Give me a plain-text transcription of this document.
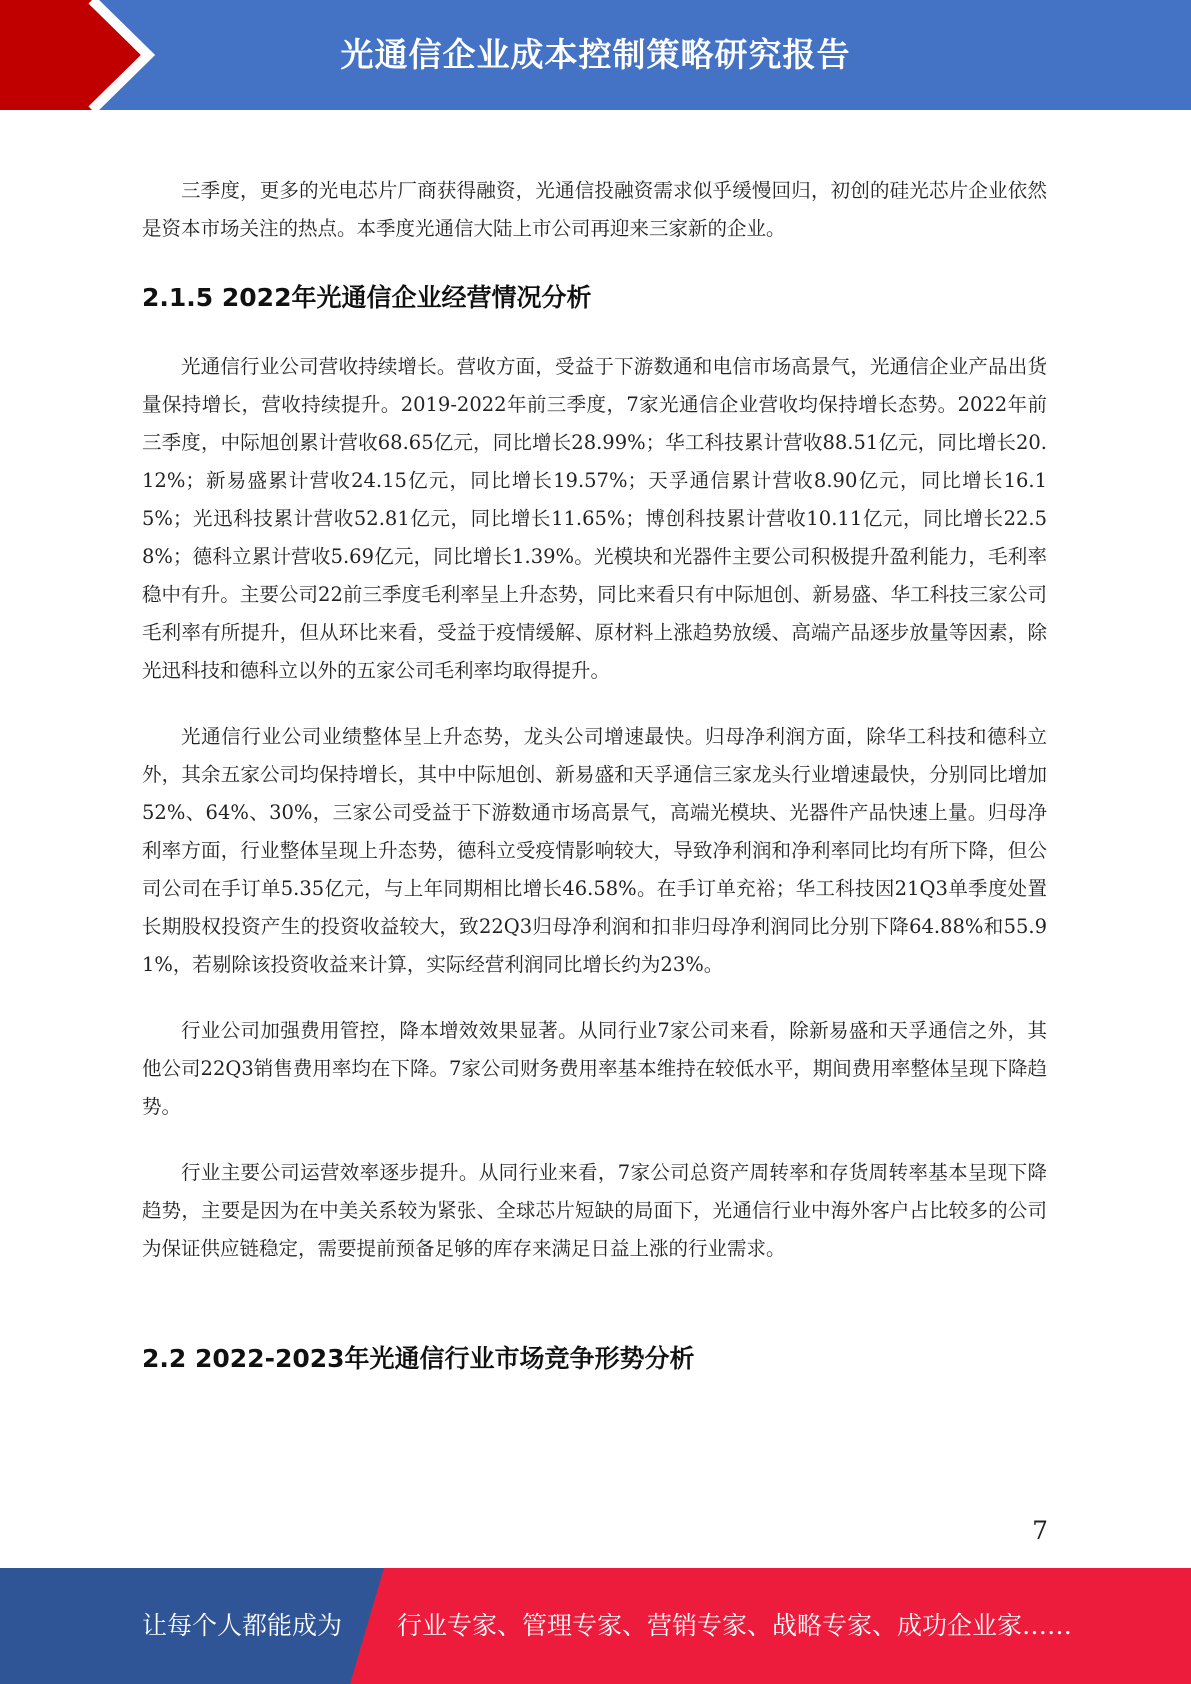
光通信企业成本控制策略研究报告

三季度，更多的光电芯片厂商获得融资，光通信投融资需求似乎缓慢回归，初创的硅光芯片企业依然是资本市场关注的热点。本季度光通信大陆上市公司再迎来三家新的企业。

2.1.5 2022年光通信企业经营情况分析

光通信行业公司营收持续增长。营收方面，受益于下游数通和电信市场高景气，光通信企业产品出货量保持增长，营收持续提升。2019-2022年前三季度，7家光通信企业营收均保持增长态势。2022年前三季度，中际旭创累计营收68.65亿元，同比增长28.99%；华工科技累计营收88.51亿元，同比增长20.12%；新易盛累计营收24.15亿元，同比增长19.57%；天孚通信累计营收8.90亿元，同比增长16.15%；光迅科技累计营收52.81亿元，同比增长11.65%；博创科技累计营收10.11亿元，同比增长22.58%；德科立累计营收5.69亿元，同比增长1.39%。光模块和光器件主要公司积极提升盈利能力，毛利率稳中有升。主要公司22前三季度毛利率呈上升态势，同比来看只有中际旭创、新易盛、华工科技三家公司毛利率有所提升，但从环比来看，受益于疫情缓解、原材料上涨趋势放缓、高端产品逐步放量等因素，除光迅科技和德科立以外的五家公司毛利率均取得提升。

光通信行业公司业绩整体呈上升态势，龙头公司增速最快。归母净利润方面，除华工科技和德科立外，其余五家公司均保持增长，其中中际旭创、新易盛和天孚通信三家龙头行业增速最快，分别同比增加52%、64%、30%，三家公司受益于下游数通市场高景气，高端光模块、光器件产品快速上量。归母净利率方面，行业整体呈现上升态势，德科立受疫情影响较大，导致净利润和净利率同比均有所下降，但公司公司在手订单5.35亿元，与上年同期相比增长46.58%。在手订单充裕；华工科技因21Q3单季度处置长期股权投资产生的投资收益较大，致22Q3归母净利润和扣非归母净利润同比分别下降64.88%和55.91%，若剔除该投资收益来计算，实际经营利润同比增长约为23%。

行业公司加强费用管控，降本增效效果显著。从同行业7家公司来看，除新易盛和天孚通信之外，其他公司22Q3销售费用率均在下降。7家公司财务费用率基本维持在较低水平，期间费用率整体呈现下降趋势。

行业主要公司运营效率逐步提升。从同行业来看，7家公司总资产周转率和存货周转率基本呈现下降趋势，主要是因为在中美关系较为紧张、全球芯片短缺的局面下，光通信行业中海外客户占比较多的公司为保证供应链稳定，需要提前预备足够的库存来满足日益上涨的行业需求。

2.2 2022-2023年光通信行业市场竞争形势分析
7
让每个人都能成为 行业专家、管理专家、营销专家、战略专家、成功企业家……
